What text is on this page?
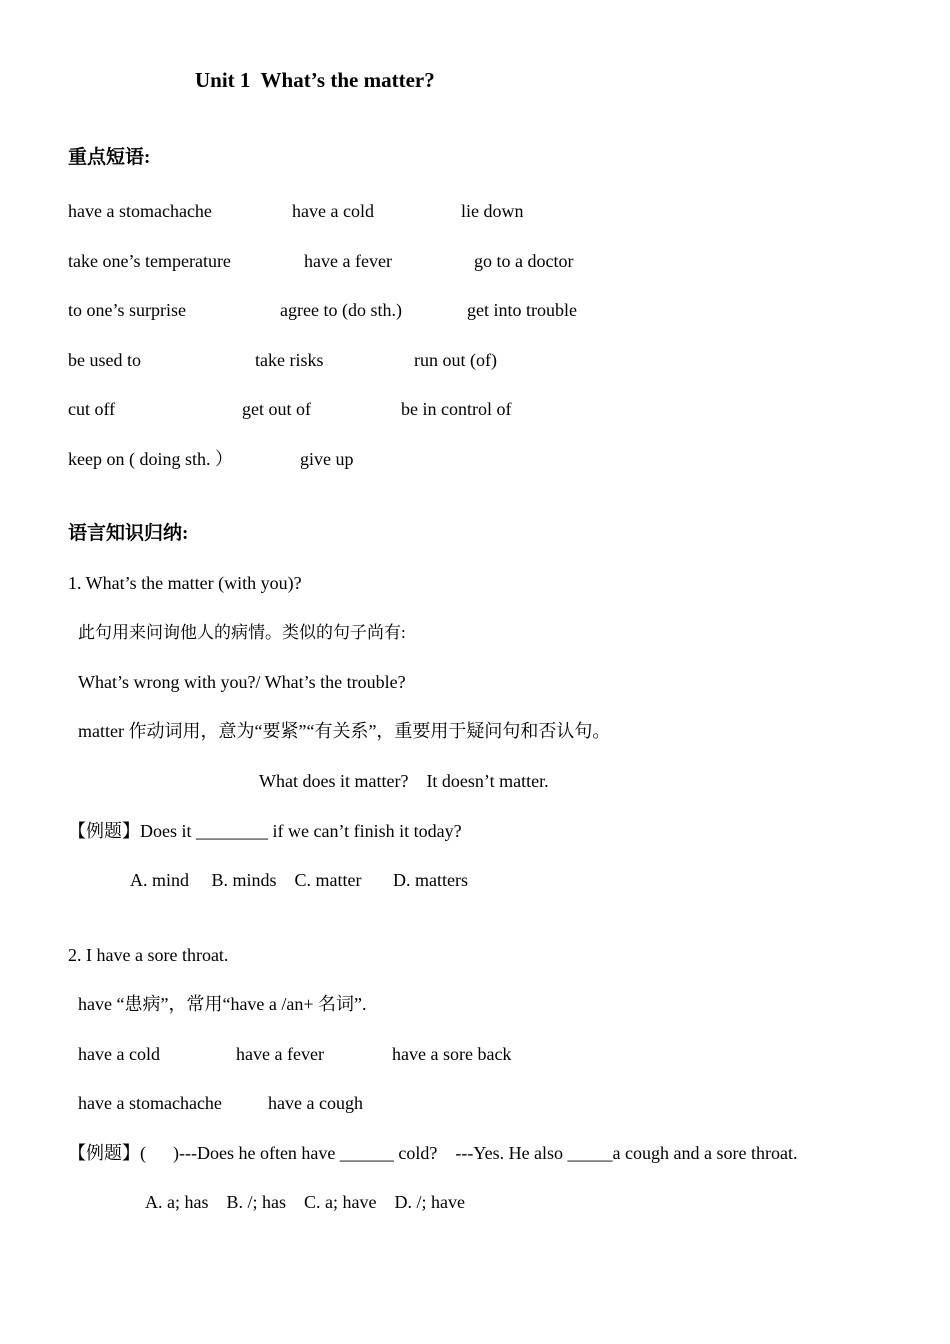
Unit 1  What’s the matter?
重点短语:
have a stomachache	have a cold	lie down
take one’s temperature	have a fever	go to a doctor
to one’s surprise	agree to (do sth.)	get into trouble
be used to	take risks	run out (of)
cut off	get out of	be in control of
keep on ( doing sth. ）	give up
语言知识归纳:
1. What’s the matter (with you)?
此句用来问询他人的病情。类似的句子尚有:
What’s wrong with you?/ What’s the trouble?
matter 作动词用，意为“要紧”“有关系”，重要用于疑问句和否认句。
What does it matter?    It doesn’t matter.
【例题】Does it ________ if we can’t finish it today?
A. mind     B. minds    C. matter       D. matters
2. I have a sore throat.
have “患病”，常用“have a /an+ 名词”.
have a cold	have a fever	have a sore back
have a stomachache	have a cough
【例题】(      )---Does he often have ______ cold?    ---Yes. He also _____a cough and a sore throat.
A. a; has    B. /; has    C. a; have    D. /; have
